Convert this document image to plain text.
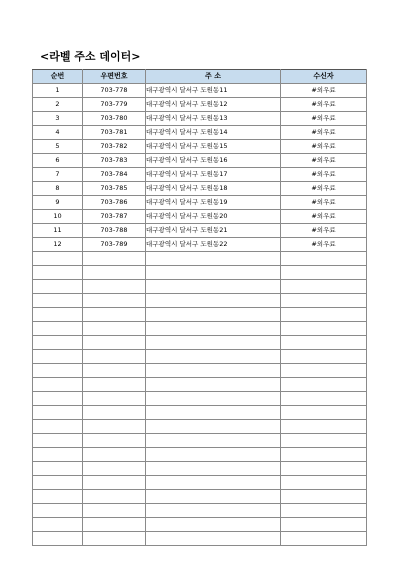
<라벨 주소 데이터>
순번	우편번호	주 소	수신자
1	703-778	대구광역시 달서구 도원동11	#외우료
2	703-779	대구광역시 달서구 도원동12	#외우료
3	703-780	대구광역시 달서구 도원동13	#외우료
4	703-781	대구광역시 달서구 도원동14	#외우료
5	703-782	대구광역시 달서구 도원동15	#외우료
6	703-783	대구광역시 달서구 도원동16	#외우료
7	703-784	대구광역시 달서구 도원동17	#외우료
8	703-785	대구광역시 달서구 도원동18	#외우료
9	703-786	대구광역시 달서구 도원동19	#외우료
10	703-787	대구광역시 달서구 도원동20	#외우료
11	703-788	대구광역시 달서구 도원동21	#외우료
12	703-789	대구광역시 달서구 도원동22	#외우료
